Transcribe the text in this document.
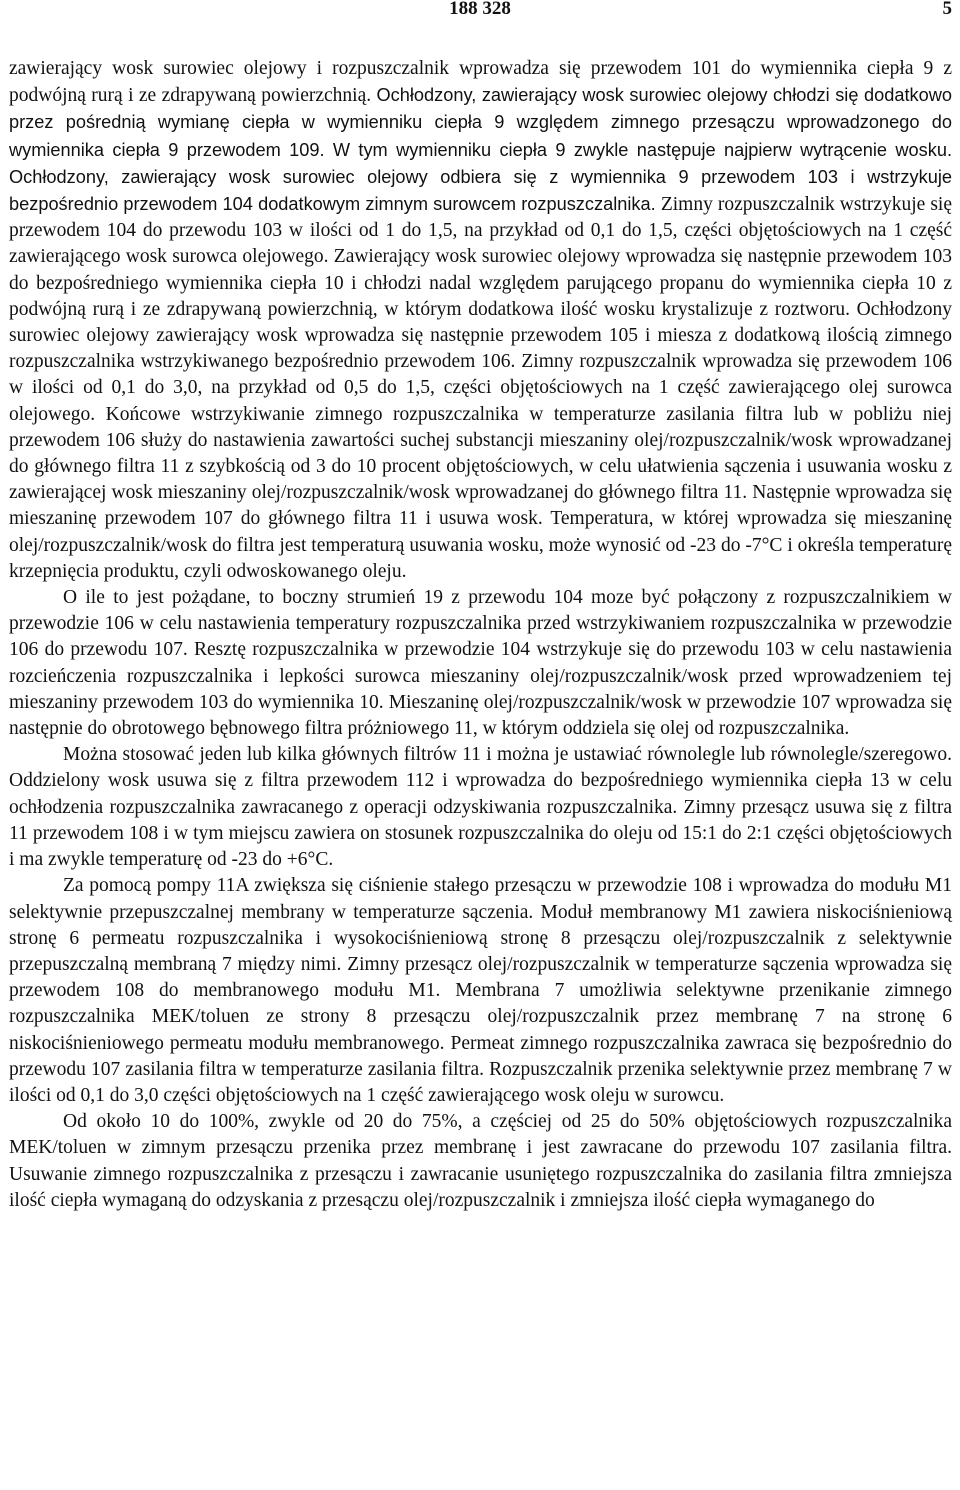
188 328	5

zawierający wosk surowiec olejowy i rozpuszczalnik wprowadza się przewodem 101 do wymiennika ciepła 9 z podwójną rurą i ze zdrapywaną powierzchnią. Ochłodzony, zawierający wosk surowiec olejowy chłodzi się dodatkowo przez pośrednią wymianę ciepła w wymienniku ciepła 9 względem zimnego przesączu wprowadzonego do wymiennika ciepła 9 przewodem 109. W tym wymienniku ciepła 9 zwykle następuje najpierw wytrącenie wosku. Ochłodzony, zawierający wosk surowiec olejowy odbiera się z wymiennika 9 przewodem 103 i wstrzykuje bezpośrednio przewodem 104 dodatkowym zimnym surowcem rozpuszczalnika. Zimny rozpuszczalnik wstrzykuje się przewodem 104 do przewodu 103 w ilości od 1 do 1,5, na przykład od 0,1 do 1,5, części objętościowych na 1 część zawierającego wosk surowca olejowego. Zawierający wosk surowiec olejowy wprowadza się następnie przewodem 103 do bezpośredniego wymiennika ciepła 10 i chłodzi nadal względem parującego propanu do wymiennika ciepła 10 z podwójną rurą i ze zdrapywaną powierzchnią, w którym dodatkowa ilość wosku krystalizuje z roztworu. Ochłodzony surowiec olejowy zawierający wosk wprowadza się następnie przewodem 105 i miesza z dodatkową ilością zimnego rozpuszczalnika wstrzykiwanego bezpośrednio przewodem 106. Zimny rozpuszczalnik wprowadza się przewodem 106 w ilości od 0,1 do 3,0, na przykład od 0,5 do 1,5, części objętościowych na 1 część zawierającego olej surowca olejowego. Końcowe wstrzykiwanie zimnego rozpuszczalnika w temperaturze zasilania filtra lub w pobliżu niej przewodem 106 służy do nastawienia zawartości suchej substancji mieszaniny olej/rozpuszczalnik/wosk wprowadzanej do głównego filtra 11 z szybkością od 3 do 10 procent objętościowych, w celu ułatwienia sączenia i usuwania wosku z zawierającej wosk mieszaniny olej/rozpuszczalnik/wosk wprowadzanej do głównego filtra 11. Następnie wprowadza się mieszaninę przewodem 107 do głównego filtra 11 i usuwa wosk. Temperatura, w której wprowadza się mieszaninę olej/rozpuszczalnik/wosk do filtra jest temperaturą usuwania wosku, może wynosić od -23 do -7°C i określa temperaturę krzepnięcia produktu, czyli odwoskowanego oleju.

O ile to jest pożądane, to boczny strumień 19 z przewodu 104 moze być połączony z rozpuszczalnikiem w przewodzie 106 w celu nastawienia temperatury rozpuszczalnika przed wstrzykiwaniem rozpuszczalnika w przewodzie 106 do przewodu 107. Resztę rozpuszczalnika w przewodzie 104 wstrzykuje się do przewodu 103 w celu nastawienia rozcieńczenia rozpuszczalnika i lepkości surowca mieszaniny olej/rozpuszczalnik/wosk przed wprowadzeniem tej mieszaniny przewodem 103 do wymiennika 10. Mieszaninę olej/rozpuszczalnik/wosk w przewodzie 107 wprowadza się następnie do obrotowego bębnowego filtra próżniowego 11, w którym oddziela się olej od rozpuszczalnika.

Można stosować jeden lub kilka głównych filtrów 11 i można je ustawiać równolegle lub równolegle/szeregowo. Oddzielony wosk usuwa się z filtra przewodem 112 i wprowadza do bezpośredniego wymiennika ciepła 13 w celu ochłodzenia rozpuszczalnika zawracanego z operacji odzyskiwania rozpuszczalnika. Zimny przesącz usuwa się z filtra 11 przewodem 108 i w tym miejscu zawiera on stosunek rozpuszczalnika do oleju od 15:1 do 2:1 części objętościowych i ma zwykle temperaturę od -23 do +6°C.

Za pomocą pompy 11A zwiększa się ciśnienie stałego przesączu w przewodzie 108 i wprowadza do modułu M1 selektywnie przepuszczalnej membrany w temperaturze sączenia. Moduł membranowy M1 zawiera niskociśnieniową stronę 6 permeatu rozpuszczalnika i wysokociśnieniową stronę 8 przesączu olej/rozpuszczalnik z selektywnie przepuszczalną membraną 7 między nimi. Zimny przesącz olej/rozpuszczalnik w temperaturze sączenia wprowadza się przewodem 108 do membranowego modułu M1. Membrana 7 umożliwia selektywne przenikanie zimnego rozpuszczalnika MEK/toluen ze strony 8 przesączu olej/rozpuszczalnik przez membranę 7 na stronę 6 niskociśnieniowego permeatu modułu membranowego. Permeat zimnego rozpuszczalnika zawraca się bezpośrednio do przewodu 107 zasilania filtra w temperaturze zasilania filtra. Rozpuszczalnik przenika selektywnie przez membranę 7 w ilości od 0,1 do 3,0 części objętościowych na 1 część zawierającego wosk oleju w surowcu.

Od około 10 do 100%, zwykle od 20 do 75%, a częściej od 25 do 50% objętościowych rozpuszczalnika MEK/toluen w zimnym przesączu przenika przez membranę i jest zawracane do przewodu 107 zasilania filtra. Usuwanie zimnego rozpuszczalnika z przesączu i zawracanie usuniętego rozpuszczalnika do zasilania filtra zmniejsza ilość ciepła wymaganą do odzyskania z przesączu olej/rozpuszczalnik i zmniejsza ilość ciepła wymaganego do
